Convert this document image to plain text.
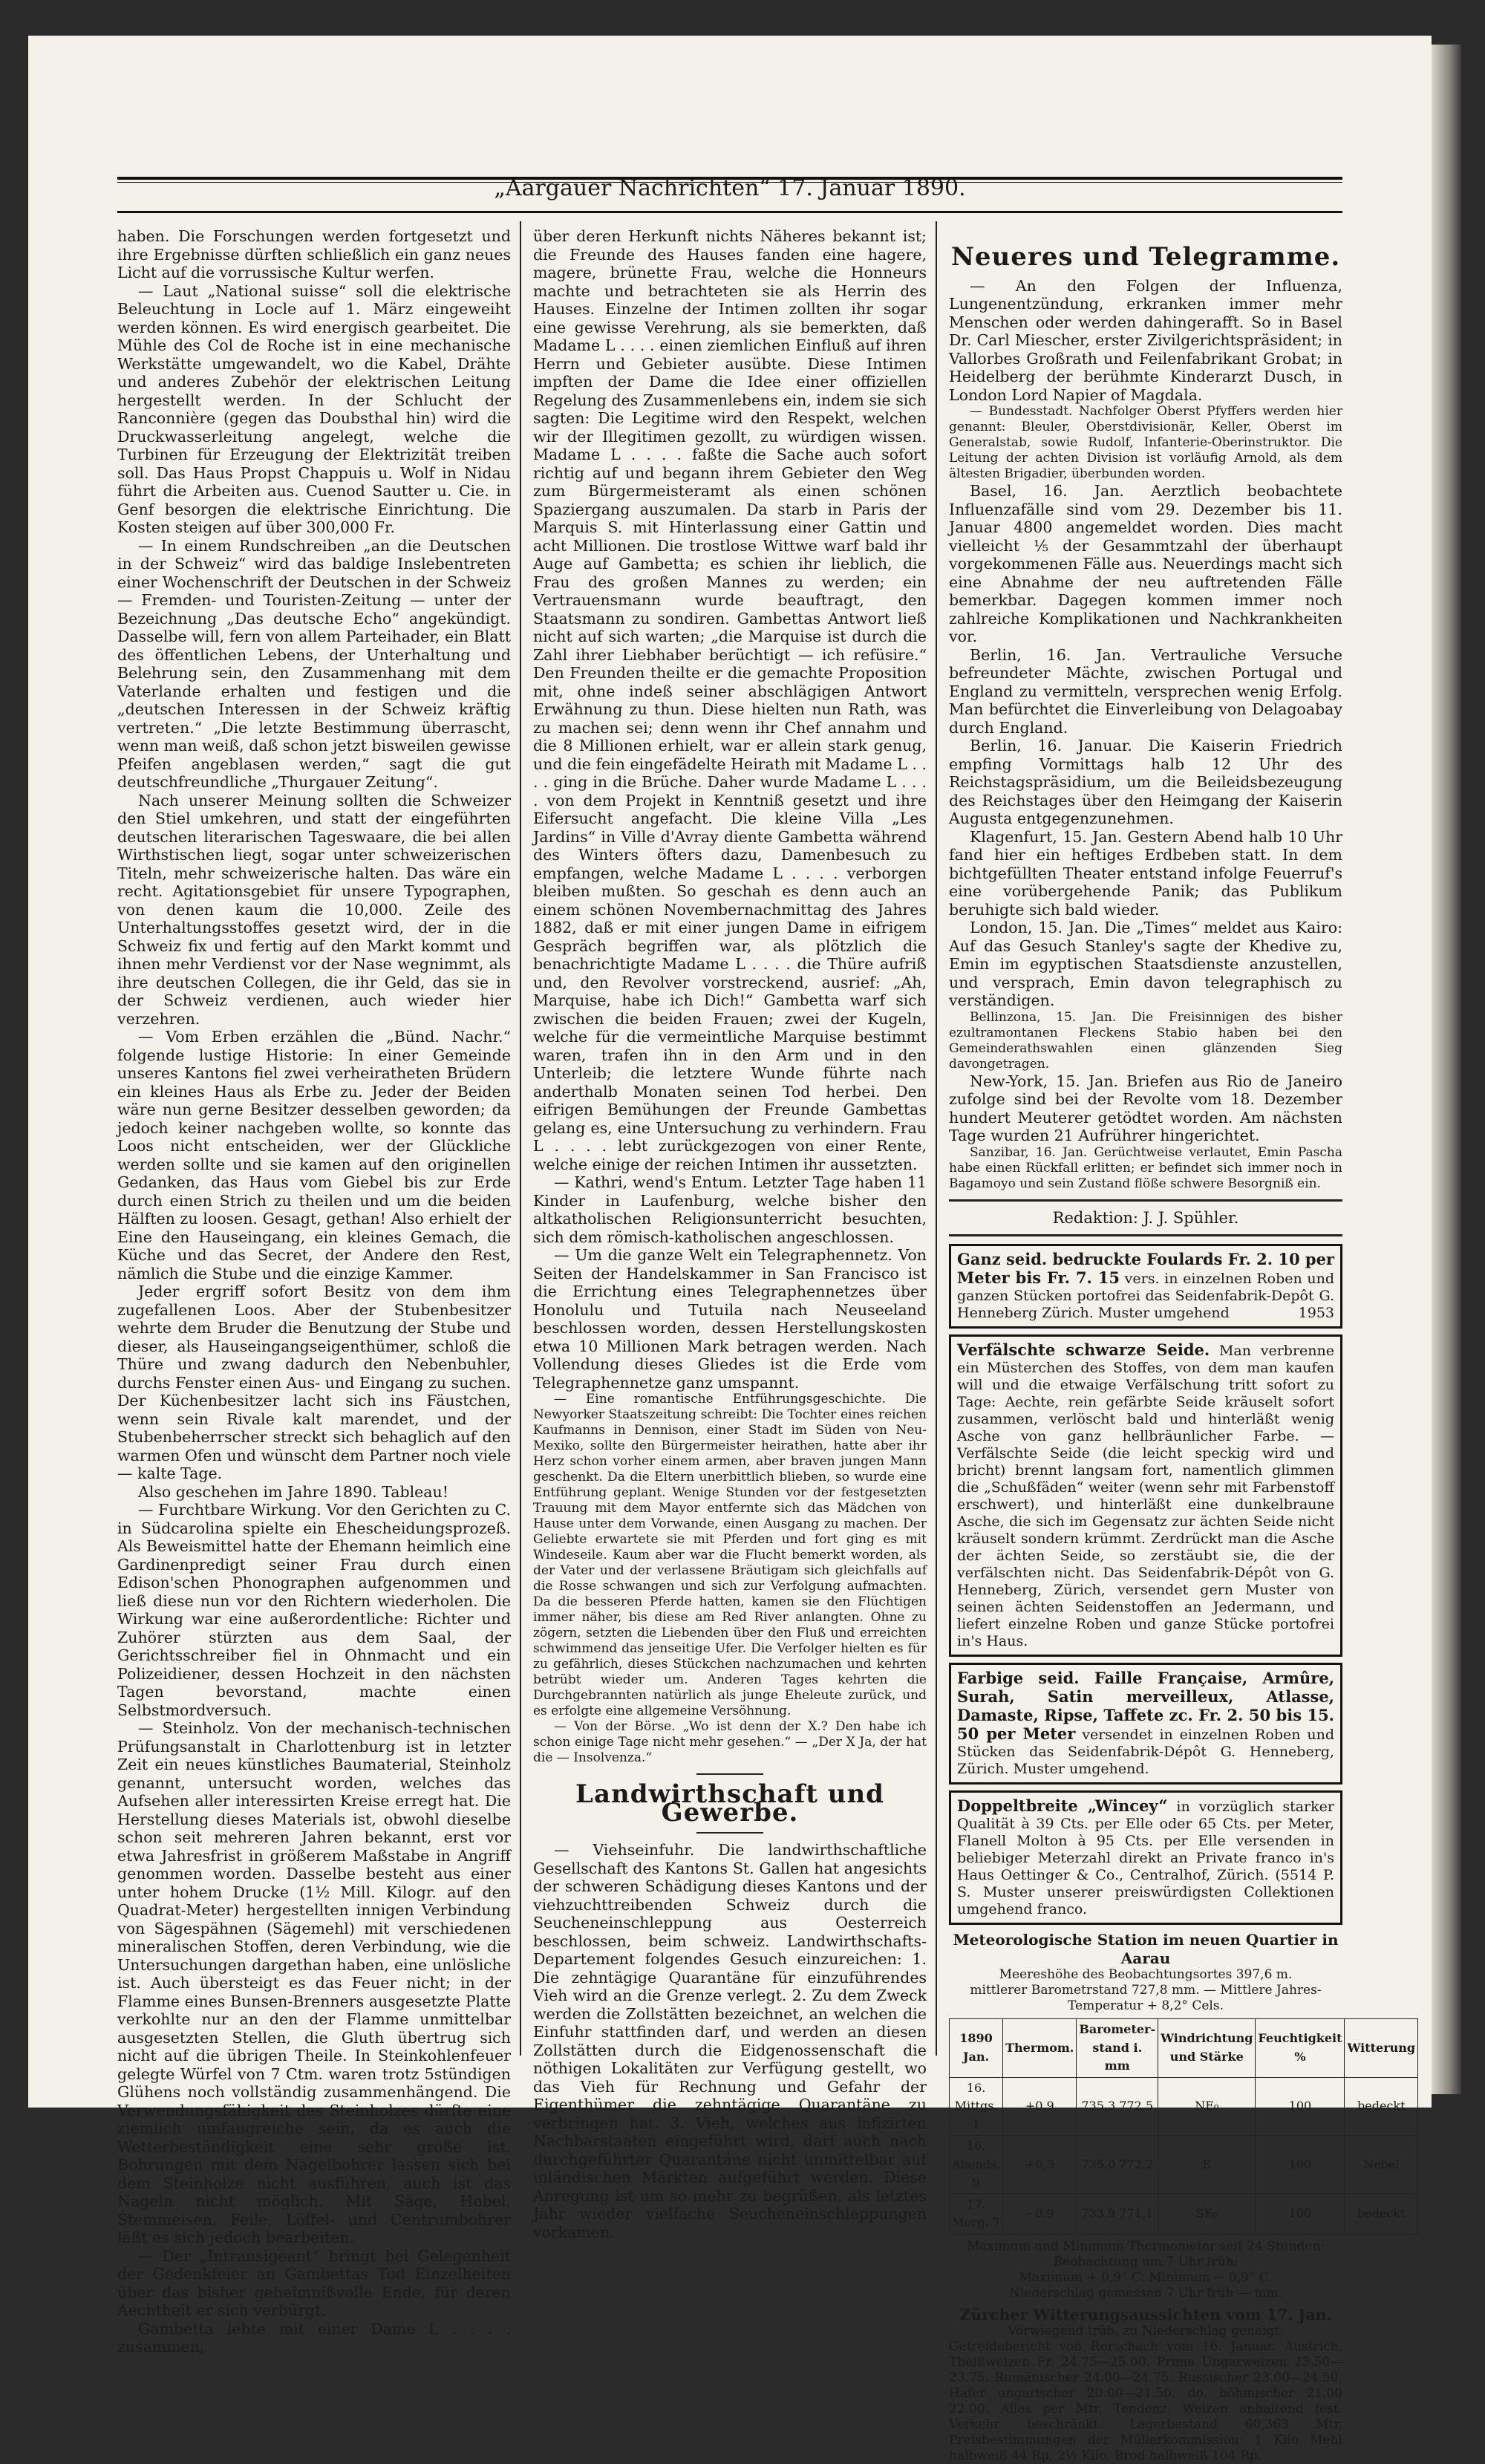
„Aargauer Nachrichten“ 17. Januar 1890.

haben. Die Forschungen werden fortgesetzt und ihre Ergebnisse dürften schließlich ein ganz neues Licht auf die vorrussische Kultur werfen.

— Laut „National suisse“ soll die elektrische Beleuchtung in Locle auf 1. März eingeweiht werden können. Es wird energisch gearbeitet. Die Mühle des Col de Roche ist in eine mechanische Werkstätte umgewandelt, wo die Kabel, Drähte und anderes Zubehör der elektrischen Leitung hergestellt werden. In der Schlucht der Ranconnière (gegen das Doubsthal hin) wird die Druckwasserleitung angelegt, welche die Turbinen für Erzeugung der Elektrizität treiben soll. Das Haus Propst Chappuis u. Wolf in Nidau führt die Arbeiten aus. Cuenod Sautter u. Cie. in Genf besorgen die elektrische Einrichtung. Die Kosten steigen auf über 300,000 Fr.

— In einem Rundschreiben „an die Deutschen in der Schweiz“ wird das baldige Inslebentreten einer Wochenschrift der Deutschen in der Schweiz — Fremden- und Touristen-Zeitung — unter der Bezeichnung „Das deutsche Echo“ angekündigt. Dasselbe will, fern von allem Parteihader, ein Blatt des öffentlichen Lebens, der Unterhaltung und Belehrung sein, den Zusammenhang mit dem Vaterlande erhalten und festigen und die „deutschen Interessen in der Schweiz kräftig vertreten.“ „Die letzte Bestimmung überrascht, wenn man weiß, daß schon jetzt bisweilen gewisse Pfeifen angeblasen werden,“ sagt die gut deutschfreundliche „Thurgauer Zeitung“.

Nach unserer Meinung sollten die Schweizer den Stiel umkehren, und statt der eingeführten deutschen literarischen Tageswaare, die bei allen Wirthstischen liegt, sogar unter schweizerischen Titeln, mehr schweizerische halten. Das wäre ein recht. Agitationsgebiet für unsere Typographen, von denen kaum die 10,000. Zeile des Unterhaltungsstoffes gesetzt wird, der in die Schweiz fix und fertig auf den Markt kommt und ihnen mehr Verdienst vor der Nase wegnimmt, als ihre deutschen Collegen, die ihr Geld, das sie in der Schweiz verdienen, auch wieder hier verzehren.

— Vom Erben erzählen die „Bünd. Nachr.“ folgende lustige Historie: In einer Gemeinde unseres Kantons fiel zwei verheiratheten Brüdern ein kleines Haus als Erbe zu. Jeder der Beiden wäre nun gerne Besitzer desselben geworden; da jedoch keiner nachgeben wollte, so konnte das Loos nicht entscheiden, wer der Glückliche werden sollte und sie kamen auf den originellen Gedanken, das Haus vom Giebel bis zur Erde durch einen Strich zu theilen und um die beiden Hälften zu loosen. Gesagt, gethan! Also erhielt der Eine den Hauseingang, ein kleines Gemach, die Küche und das Secret, der Andere den Rest, nämlich die Stube und die einzige Kammer.

Jeder ergriff sofort Besitz von dem ihm zugefallenen Loos. Aber der Stubenbesitzer wehrte dem Bruder die Benutzung der Stube und dieser, als Hauseingangseigenthümer, schloß die Thüre und zwang dadurch den Nebenbuhler, durchs Fenster einen Aus- und Eingang zu suchen. Der Küchenbesitzer lacht sich ins Fäustchen, wenn sein Rivale kalt marendet, und der Stubenbeherrscher streckt sich behaglich auf den warmen Ofen und wünscht dem Partner noch viele — kalte Tage.

Also geschehen im Jahre 1890. Tableau!

— Furchtbare Wirkung. Vor den Gerichten zu C. in Südcarolina spielte ein Ehescheidungsprozeß. Als Beweismittel hatte der Ehemann heimlich eine Gardinenpredigt seiner Frau durch einen Edison'schen Phonographen aufgenommen und ließ diese nun vor den Richtern wiederholen. Die Wirkung war eine außerordentliche: Richter und Zuhörer stürzten aus dem Saal, der Gerichtsschreiber fiel in Ohnmacht und ein Polizeidiener, dessen Hochzeit in den nächsten Tagen bevorstand, machte einen Selbstmordversuch.

— Steinholz. Von der mechanisch-technischen Prüfungsanstalt in Charlottenburg ist in letzter Zeit ein neues künstliches Baumaterial, Steinholz genannt, untersucht worden, welches das Aufsehen aller interessirten Kreise erregt hat. Die Herstellung dieses Materials ist, obwohl dieselbe schon seit mehreren Jahren bekannt, erst vor etwa Jahresfrist in größerem Maßstabe in Angriff genommen worden. Dasselbe besteht aus einer unter hohem Drucke (1½ Mill. Kilogr. auf den Quadrat-Meter) hergestellten innigen Verbindung von Sägespähnen (Sägemehl) mit verschiedenen mineralischen Stoffen, deren Verbindung, wie die Untersuchungen dargethan haben, eine unlösliche ist. Auch übersteigt es das Feuer nicht; in der Flamme eines Bunsen-Brenners ausgesetzte Platte verkohlte nur an den der Flamme unmittelbar ausgesetzten Stellen, die Gluth übertrug sich nicht auf die übrigen Theile. In Steinkohlenfeuer gelegte Würfel von 7 Ctm. waren trotz 5stündigen Glühens noch vollständig zusammenhängend. Die Verwendungsfähigkeit des Steinholzes dürfte eine ziemlich umfangreiche sein, da es auch die Wetterbeständigkeit eine sehr große ist. Bohrungen mit dem Nagelbohrer lassen sich bei dem Steinholze nicht ausführen, auch ist das Nageln nicht möglich. Mit Säge, Hobel, Stemmeisen, Feile, Löffel- und Centrumbohrer läßt es sich jedoch bearbeiten.

— Der „Intransigeant“ bringt bei Gelegenheit der Gedenkfeier an Gambettas Tod Einzelheiten über das bisher geheimnißvolle Ende, für deren Aechtheit er sich verbürgt.

Gambetta lebte mit einer Dame L . . . . zusammen,

über deren Herkunft nichts Näheres bekannt ist; die Freunde des Hauses fanden eine hagere, magere, brünette Frau, welche die Honneurs machte und betrachteten sie als Herrin des Hauses. Einzelne der Intimen zollten ihr sogar eine gewisse Verehrung, als sie bemerkten, daß Madame L . . . . einen ziemlichen Einfluß auf ihren Herrn und Gebieter ausübte. Diese Intimen impften der Dame die Idee einer offiziellen Regelung des Zusammenlebens ein, indem sie sich sagten: Die Legitime wird den Respekt, welchen wir der Illegitimen gezollt, zu würdigen wissen. Madame L . . . . faßte die Sache auch sofort richtig auf und begann ihrem Gebieter den Weg zum Bürgermeisteramt als einen schönen Spaziergang auszumalen. Da starb in Paris der Marquis S. mit Hinterlassung einer Gattin und acht Millionen. Die trostlose Wittwe warf bald ihr Auge auf Gambetta; es schien ihr lieblich, die Frau des großen Mannes zu werden; ein Vertrauensmann wurde beauftragt, den Staatsmann zu sondiren. Gambettas Antwort ließ nicht auf sich warten; „die Marquise ist durch die Zahl ihrer Liebhaber berüchtigt — ich refüsire.“ Den Freunden theilte er die gemachte Proposition mit, ohne indeß seiner abschlägigen Antwort Erwähnung zu thun. Diese hielten nun Rath, was zu machen sei; denn wenn ihr Chef annahm und die 8 Millionen erhielt, war er allein stark genug, und die fein eingefädelte Heirath mit Madame L . . . . ging in die Brüche. Daher wurde Madame L . . . . von dem Projekt in Kenntniß gesetzt und ihre Eifersucht angefacht. Die kleine Villa „Les Jardins“ in Ville d'Avray diente Gambetta während des Winters öfters dazu, Damenbesuch zu empfangen, welche Madame L . . . . verborgen bleiben mußten. So geschah es denn auch an einem schönen Novembernachmittag des Jahres 1882, daß er mit einer jungen Dame in eifrigem Gespräch begriffen war, als plötzlich die benachrichtigte Madame L . . . . die Thüre aufriß und, den Revolver vorstreckend, ausrief: „Ah, Marquise, habe ich Dich!“ Gambetta warf sich zwischen die beiden Frauen; zwei der Kugeln, welche für die vermeintliche Marquise bestimmt waren, trafen ihn in den Arm und in den Unterleib; die letztere Wunde führte nach anderthalb Monaten seinen Tod herbei. Den eifrigen Bemühungen der Freunde Gambettas gelang es, eine Untersuchung zu verhindern. Frau L . . . . lebt zurückgezogen von einer Rente, welche einige der reichen Intimen ihr aussetzten.

— Kathri, wend's Entum. Letzter Tage haben 11 Kinder in Laufenburg, welche bisher den altkatholischen Religionsunterricht besuchten, sich dem römisch-katholischen angeschlossen.

— Um die ganze Welt ein Telegraphennetz. Von Seiten der Handelskammer in San Francisco ist die Errichtung eines Telegraphennetzes über Honolulu und Tutuila nach Neuseeland beschlossen worden, dessen Herstellungskosten etwa 10 Millionen Mark betragen werden. Nach Vollendung dieses Gliedes ist die Erde vom Telegraphennetze ganz umspannt.

— Eine romantische Entführungsgeschichte. Die Newyorker Staatszeitung schreibt: Die Tochter eines reichen Kaufmanns in Dennison, einer Stadt im Süden von Neu-Mexiko, sollte den Bürgermeister heirathen, hatte aber ihr Herz schon vorher einem armen, aber braven jungen Mann geschenkt. Da die Eltern unerbittlich blieben, so wurde eine Entführung geplant. Wenige Stunden vor der festgesetzten Trauung mit dem Mayor entfernte sich das Mädchen von Hause unter dem Vorwande, einen Ausgang zu machen. Der Geliebte erwartete sie mit Pferden und fort ging es mit Windeseile. Kaum aber war die Flucht bemerkt worden, als der Vater und der verlassene Bräutigam sich gleichfalls auf die Rosse schwangen und sich zur Verfolgung aufmachten. Da die besseren Pferde hatten, kamen sie den Flüchtigen immer näher, bis diese am Red River anlangten. Ohne zu zögern, setzten die Liebenden über den Fluß und erreichten schwimmend das jenseitige Ufer. Die Verfolger hielten es für zu gefährlich, dieses Stückchen nachzumachen und kehrten betrübt wieder um. Anderen Tages kehrten die Durchgebrannten natürlich als junge Eheleute zurück, und es erfolgte eine allgemeine Versöhnung.

— Von der Börse. „Wo ist denn der X.? Den habe ich schon einige Tage nicht mehr gesehen.“ — „Der X Ja, der hat die — Insolvenza.“

Landwirthschaft und Gewerbe.

— Viehseinfuhr. Die landwirthschaftliche Gesellschaft des Kantons St. Gallen hat angesichts der schweren Schädigung dieses Kantons und der viehzuchttreibenden Schweiz durch die Seucheneinschleppung aus Oesterreich beschlossen, beim schweiz. Landwirthschafts-Departement folgendes Gesuch einzureichen: 1. Die zehntägige Quarantäne für einzuführendes Vieh wird an die Grenze verlegt. 2. Zu dem Zweck werden die Zollstätten bezeichnet, an welchen die Einfuhr stattfinden darf, und werden an diesen Zollstätten durch die Eidgenossenschaft die nöthigen Lokalitäten zur Verfügung gestellt, wo das Vieh für Rechnung und Gefahr der Eigenthümer die zehntägige Quarantäne zu verbringen hat. 3. Vieh, welches aus infizirten Nachbarstaaten eingeführt wird, darf auch nach durchgeführter Quarantäne nicht unmittelbar auf inländischen Märkten aufgeführt werden. Diese Anregung ist um so mehr zu begrüßen, als letztes Jahr wieder vielfache Seucheneinschleppungen vorkamen.

Neueres und Telegramme.

— An den Folgen der Influenza, Lungenentzündung, erkranken immer mehr Menschen oder werden dahingerafft. So in Basel Dr. Carl Miescher, erster Zivilgerichtspräsident; in Vallorbes Großrath und Feilenfabrikant Grobat; in Heidelberg der berühmte Kinderarzt Dusch, in London Lord Napier of Magdala.

— Bundesstadt. Nachfolger Oberst Pfyffers werden hier genannt: Bleuler, Oberstdivisionär, Keller, Oberst im Generalstab, sowie Rudolf, Infanterie-Oberinstruktor. Die Leitung der achten Division ist vorläufig Arnold, als dem ältesten Brigadier, überbunden worden.

Basel, 16. Jan. Aerztlich beobachtete Influenzafälle sind vom 29. Dezember bis 11. Januar 4800 angemeldet worden. Dies macht vielleicht ⅕ der Gesammtzahl der überhaupt vorgekommenen Fälle aus. Neuerdings macht sich eine Abnahme der neu auftretenden Fälle bemerkbar. Dagegen kommen immer noch zahlreiche Komplikationen und Nachkrankheiten vor.

Berlin, 16. Jan. Vertrauliche Versuche befreundeter Mächte, zwischen Portugal und England zu vermitteln, versprechen wenig Erfolg. Man befürchtet die Einverleibung von Delagoabay durch England.

Berlin, 16. Januar. Die Kaiserin Friedrich empfing Vormittags halb 12 Uhr des Reichstagspräsidium, um die Beileidsbezeugung des Reichstages über den Heimgang der Kaiserin Augusta entgegenzunehmen.

Klagenfurt, 15. Jan. Gestern Abend halb 10 Uhr fand hier ein heftiges Erdbeben statt. In dem bichtgefüllten Theater entstand infolge Feuerruf's eine vorübergehende Panik; das Publikum beruhigte sich bald wieder.

London, 15. Jan. Die „Times“ meldet aus Kairo: Auf das Gesuch Stanley's sagte der Khedive zu, Emin im egyptischen Staatsdienste anzustellen, und versprach, Emin davon telegraphisch zu verständigen.

Bellinzona, 15. Jan. Die Freisinnigen des bisher ezultramontanen Fleckens Stabio haben bei den Gemeinderathswahlen einen glänzenden Sieg davongetragen.

New-York, 15. Jan. Briefen aus Rio de Janeiro zufolge sind bei der Revolte vom 18. Dezember hundert Meuterer getödtet worden. Am nächsten Tage wurden 21 Aufrührer hingerichtet.

Sanzibar, 16. Jan. Gerüchtweise verlautet, Emin Pascha habe einen Rückfall erlitten; er befindet sich immer noch in Bagamoyo und sein Zustand flöße schwere Besorgniß ein.

Redaktion: J. J. Spühler.
Ganz seid. bedruckte Foulards Fr. 2. 10 per Meter bis Fr. 7. 15 vers. in einzelnen Roben und ganzen Stücken portofrei das Seidenfabrik-Depôt G. Henneberg Zürich. Muster umgehend	1953
Verfälschte schwarze Seide. Man verbrenne ein Müsterchen des Stoffes, von dem man kaufen will und die etwaige Verfälschung tritt sofort zu Tage: Aechte, rein gefärbte Seide kräuselt sofort zusammen, verlöscht bald und hinterläßt wenig Asche von ganz hellbräunlicher Farbe. — Verfälschte Seide (die leicht speckig wird und bricht) brennt langsam fort, namentlich glimmen die „Schußfäden“ weiter (wenn sehr mit Farbenstoff erschwert), und hinterläßt eine dunkelbraune Asche, die sich im Gegensatz zur ächten Seide nicht kräuselt sondern krümmt. Zerdrückt man die Asche der ächten Seide, so zerstäubt sie, die der verfälschten nicht. Das Seidenfabrik-Dépôt von G. Henneberg, Zürich, versendet gern Muster von seinen ächten Seidenstoffen an Jedermann, und liefert einzelne Roben und ganze Stücke portofrei in's Haus.
Farbige seid. Faille Française, Armûre, Surah, Satin merveilleux, Atlasse, Damaste, Ripse, Taffete zc. Fr. 2. 50 bis 15. 50 per Meter versendet in einzelnen Roben und Stücken das Seidenfabrik-Dépôt G. Henneberg, Zürich. Muster umgehend.
Doppeltbreite „Wincey“ in vorzüglich starker Qualität à 39 Cts. per Elle oder 65 Cts. per Meter, Flanell Molton à 95 Cts. per Elle versenden in beliebiger Meterzahl direkt an Private franco in's Haus Oettinger & Co., Centralhof, Zürich. (5514 P. S. Muster unserer preiswürdigsten Collektionen umgehend franco.
Meteorologische Station im neuen Quartier in Aarau
Meereshöhe des Beobachtungsortes 397,6 m.
mittlerer Barometrstand 727,8 mm. — Mittlere Jahres-Temperatur + 8,2° Cels.
1890 Jan.	Thermom.	Barometer-stand i. mm	Windrichtung und Stärke	Feuchtigkeit %	Witterung
16. Mittgs. 1	+0,9	735,3 772,5	NE₀	100	bedeckt
16. Abends. 9	+0,3	735,0 772,2	E	100	Nebel
17. Morg. 7	−0,9	733,9 771,1	SE₀	100	bedeckt
Maximum und Minimum Thermometer seit 24 Stunden:
Beobachtung um 7 Uhr früh:
Maximum + 0,9° C. Minimum − 0,9° C.
Niederschlag gemessen 7 Uhr früh — mm.
Zürcher Witterungsaussichten vom 17. Jan.
Vorwiegend trüb, zu Niederschlag geneigt.

Getreidebericht von Rorschach vom 16. Januar. Austrich, Theißweizen Fr. 24.75—25.00. Prima Ungarweizen 23.50—23.75. Rumänischer 24.00—24.75. Russischer 23.00—24.50. Hafer ungarischer 20.00—21.50, do. böhmischer 21.00 22.00. Alles per Mtr. Tendenz: Weizen anhaltend fest. Verkehr beschränkt. Lagerbestand 60,363 Mtr. Preisbestimmungen der Müllerkommission: 1 Kilo Mehl halbweiß 44 Rp, 2½ Kilo. Brod halbweiß 104 Rp.
